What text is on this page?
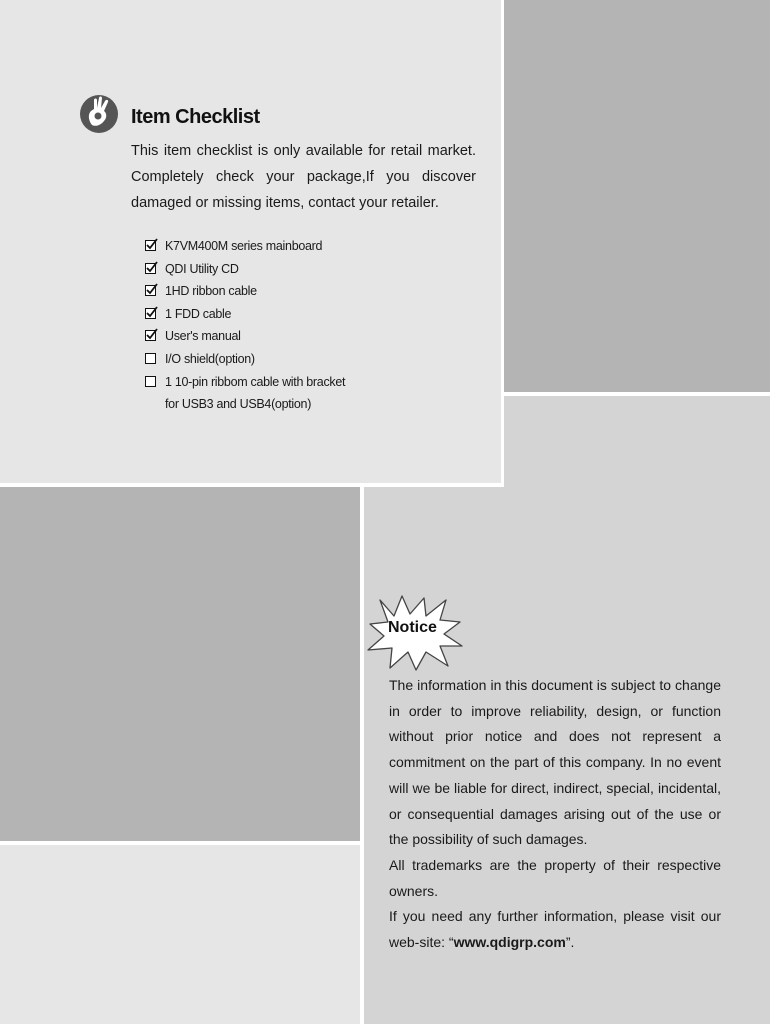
Item Checklist
This item checklist is only available for retail market. Completely check your package,If you discover damaged or missing items, contact your retailer.
K7VM400M series mainboard
QDI Utility CD
1HD ribbon cable
1 FDD cable
User's manual
I/O shield(option)
1 10-pin ribbom cable with bracket
for USB3 and USB4(option)
Notice

The information in this document is subject to change in order to improve reliability, design, or function without prior notice and does not represent a commitment on the part of this company. In no event will we be liable for direct, indirect, special, incidental, or consequential damages arising out of the use or the possibility of such damages.

All trademarks are the property of their respective owners.

If you need any further information, please visit our web-site: “www.qdigrp.com”.
